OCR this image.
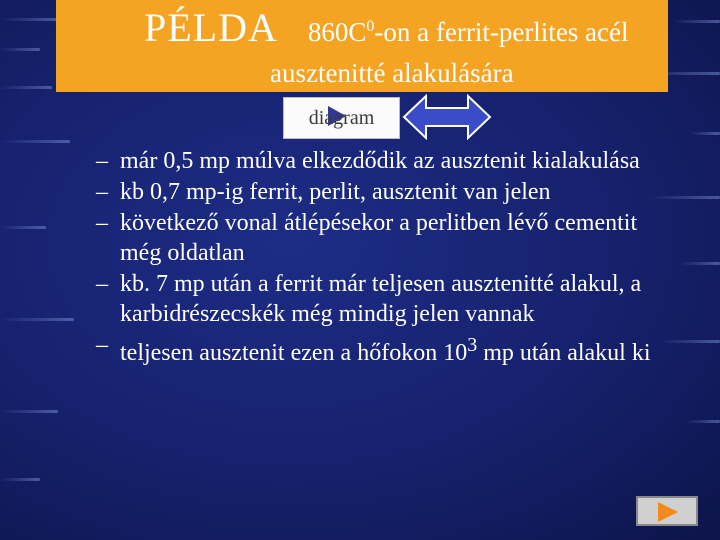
PÉLDA $860C^0-on$ a ferrit-perlites acél
ausztenitté alakulására
diagram
– már 0,5 mp múlva elkezdődik az ausztenit kialakulása
– kb 0,7 mp-ig ferrit, perlit, ausztenit van jelen
– következő vonal átlépésekor a perlitben lévő cementit még oldatlan
– kb. 7 mp után a ferrit már teljesen ausztenitté alakul, a karbidrészecskék még mindig jelen vannak
– teljesen ausztenit ezen a hőfokon $10^3$ mp után alakul ki
